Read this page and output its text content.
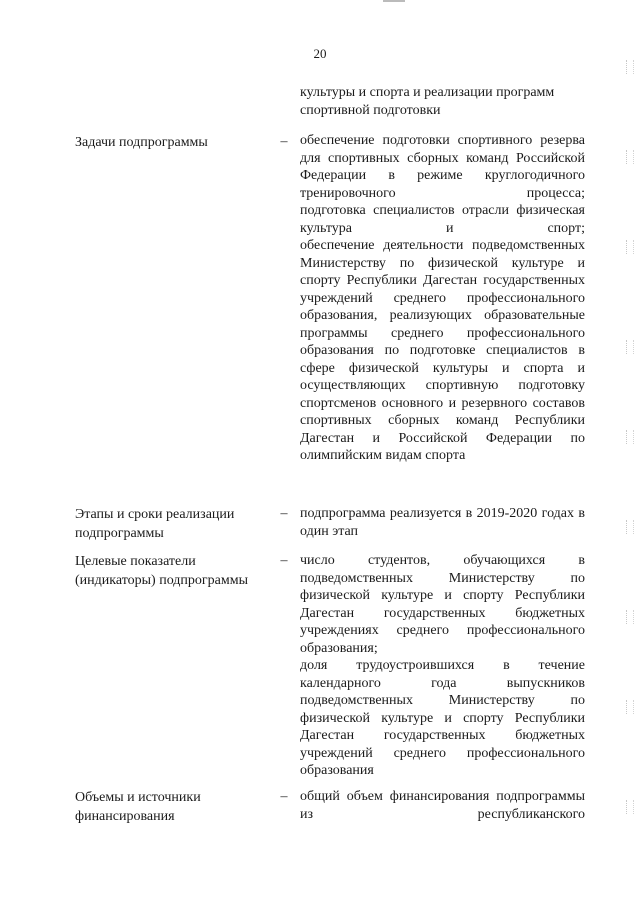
20

культуры и спорта и реализации программ спортивной подготовки

Задачи подпрограммы	– обеспечение подготовки спортивного резерва для спортивных сборных команд Российской Федерации в режиме круглогодичного тренировочного процесса;

подготовка специалистов отрасли физическая культура и спорт;

обеспечение деятельности подведомственных Министерству по физической культуре и спорту Республики Дагестан государственных учреждений среднего профессионального образования, реализующих образовательные программы среднего профессионального образования по подготовке специалистов в сфере физической культуры и спорта и осуществляющих спортивную подготовку спортсменов основного и резервного составов спортивных сборных команд Республики Дагестан и Российской Федерации по олимпийским видам спорта

Этапы и сроки реализации подпрограммы
– подпрограмма реализуется в 2019-2020 годах в один этап

Целевые показатели (индикаторы) подпрограммы
– число студентов, обучающихся в подведомственных Министерству по физической культуре и спорту Республики Дагестан государственных бюджетных учреждениях среднего профессионального образования;

доля трудоустроившихся в течение календарного года выпускников подведомственных Министерству по физической культуре и спорту Республики Дагестан государственных бюджетных учреждений среднего профессионального образования

Объемы и источники финансирования
– общий объем финансирования подпрограммы из республиканского
